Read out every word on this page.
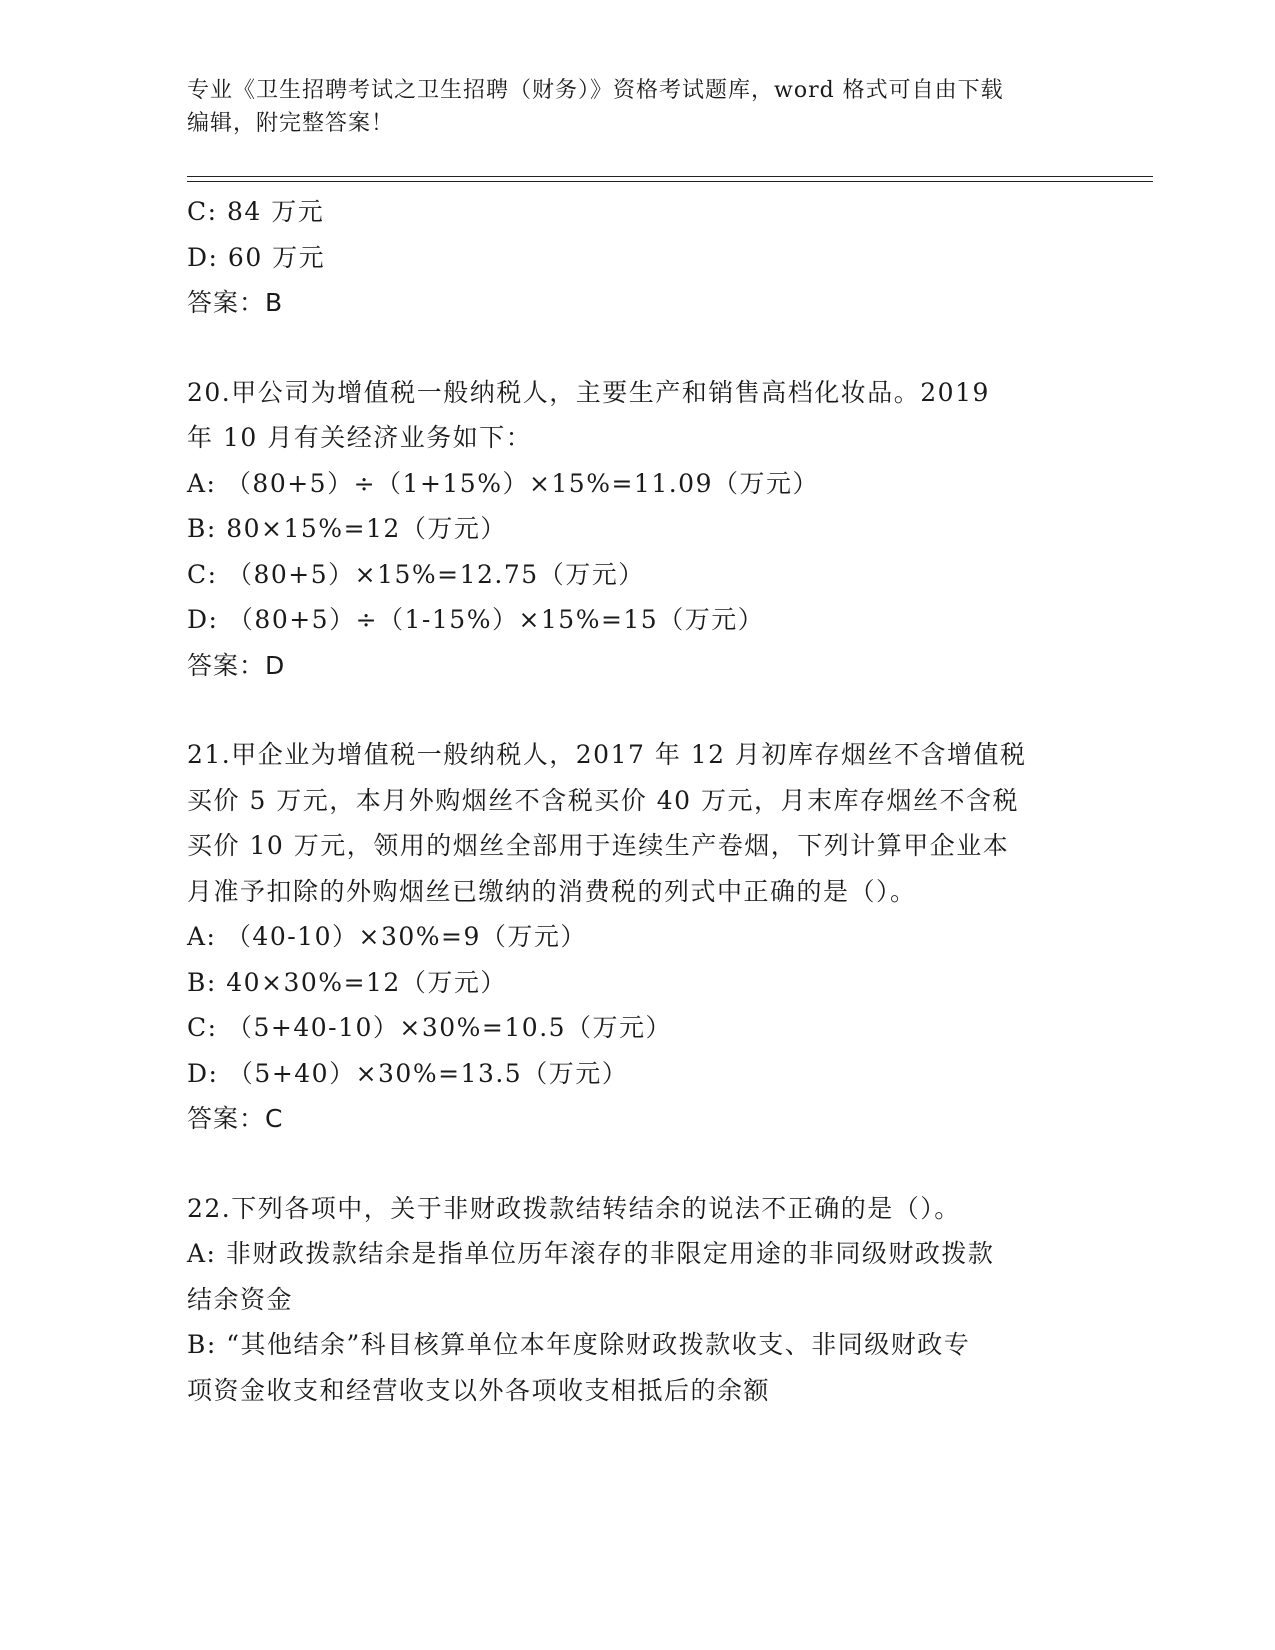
专业《卫生招聘考试之卫生招聘（财务）》资格考试题库，word 格式可自由下载
编辑，附完整答案！
C: 84 万元
D: 60 万元
答案：B
20.甲公司为增值税一般纳税人，主要生产和销售高档化妆品。2019
年 10 月有关经济业务如下：
A: （80+5）÷（1+15%）×15%=11.09（万元）
B: 80×15%=12（万元）
C: （80+5）×15%=12.75（万元）
D: （80+5）÷（1-15%）×15%=15（万元）
答案：D
21.甲企业为增值税一般纳税人，2017 年 12 月初库存烟丝不含增值税
买价 5 万元，本月外购烟丝不含税买价 40 万元，月末库存烟丝不含税
买价 10 万元，领用的烟丝全部用于连续生产卷烟，下列计算甲企业本
月准予扣除的外购烟丝已缴纳的消费税的列式中正确的是（）。
A: （40-10）×30%=9（万元）
B: 40×30%=12（万元）
C: （5+40-10）×30%=10.5（万元）
D: （5+40）×30%=13.5（万元）
答案：C
22.下列各项中，关于非财政拨款结转结余的说法不正确的是（）。
A: 非财政拨款结余是指单位历年滚存的非限定用途的非同级财政拨款
结余资金
B: “其他结余”科目核算单位本年度除财政拨款收支、非同级财政专
项资金收支和经营收支以外各项收支相抵后的余额
